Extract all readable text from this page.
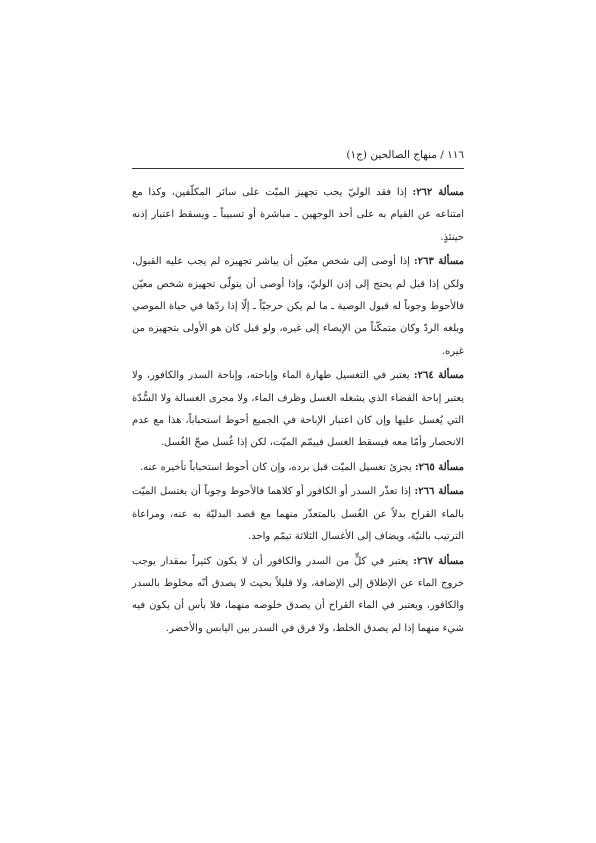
١١٦ / منهاج الصالحين (ج١)

مسألة ٢٦٢: إذا فقد الوليّ يجب تجهيز الميّت على سائر المكلّفين، وكذا مع امتناعه عن القيام به على أحد الوجهين ـ مباشرة أو تسبيباً ـ ويسقط اعتبار إذنه حينئذٍ.

مسألة ٢٦٣: إذا أوصى إلى شخص معيّن أن يباشر تجهيزه لم يجب عليه القبول، ولكن إذا قبل لم يحتج إلى إذن الوليّ، وإذا أوصى أن يتولّى تجهيزه شخص معيّن فالأحوط وجوباً له قبول الوصية ـ ما لم يكن حرجيّاً ـ إلّا إذا ردّها في حياة الموصي وبلغه الردّ وكان متمكّناً من الإيصاء إلى غيره، ولو قبل كان هو الأولى بتجهيزه من غيره.

مسألة ٢٦٤: يعتبر في التغسيل طهارة الماء وإباحته، وإباحة السدر والكافور، ولا يعتبر إباحة الفضاء الذي يشغله الغسل وظرف الماء، ولا مجرى الغسالة ولا السُّدّة التي يُغسل عليها وإن كان اعتبار الإباحة في الجميع أحوط استحباباً، هذا مع عدم الانحصار وأمّا معه فيسقط الغسل فييمّم الميّت، لكن إذا غُسل صحّ الغُسل.

مسألة ٢٦٥: يجزئ تغسيل الميّت قبل برده، وإن كان أحوط استحباباً تأخيره عنه.

مسألة ٢٦٦: إذا تعذّر السدر أو الكافور أو كلاهما فالأحوط وجوباً أن يغتسل الميّت بالماء القراح بدلاً عن الغُسل بالمتعذّر منهما مع قصد البدليّة به عنه، ومراعاة الترتيب بالنيّة، ويضاف إلى الأغسال الثلاثة تيمّم واحد.

مسألة ٢٦٧: يعتبر في كلٍّ من السدر والكافور أن لا يكون كثيراً بمقدار يوجب خروج الماء عن الإطلاق إلى الإضافة، ولا قليلاً بحيث لا يصدق أنّه مخلوط بالسدر والكافور، ويعتبر في الماء القراح أن يصدق خلوصه منهما، فلا بأس أن يكون فيه شيء منهما إذا لم يصدق الخلط، ولا فرق في السدر بين اليابس والأخضر.
